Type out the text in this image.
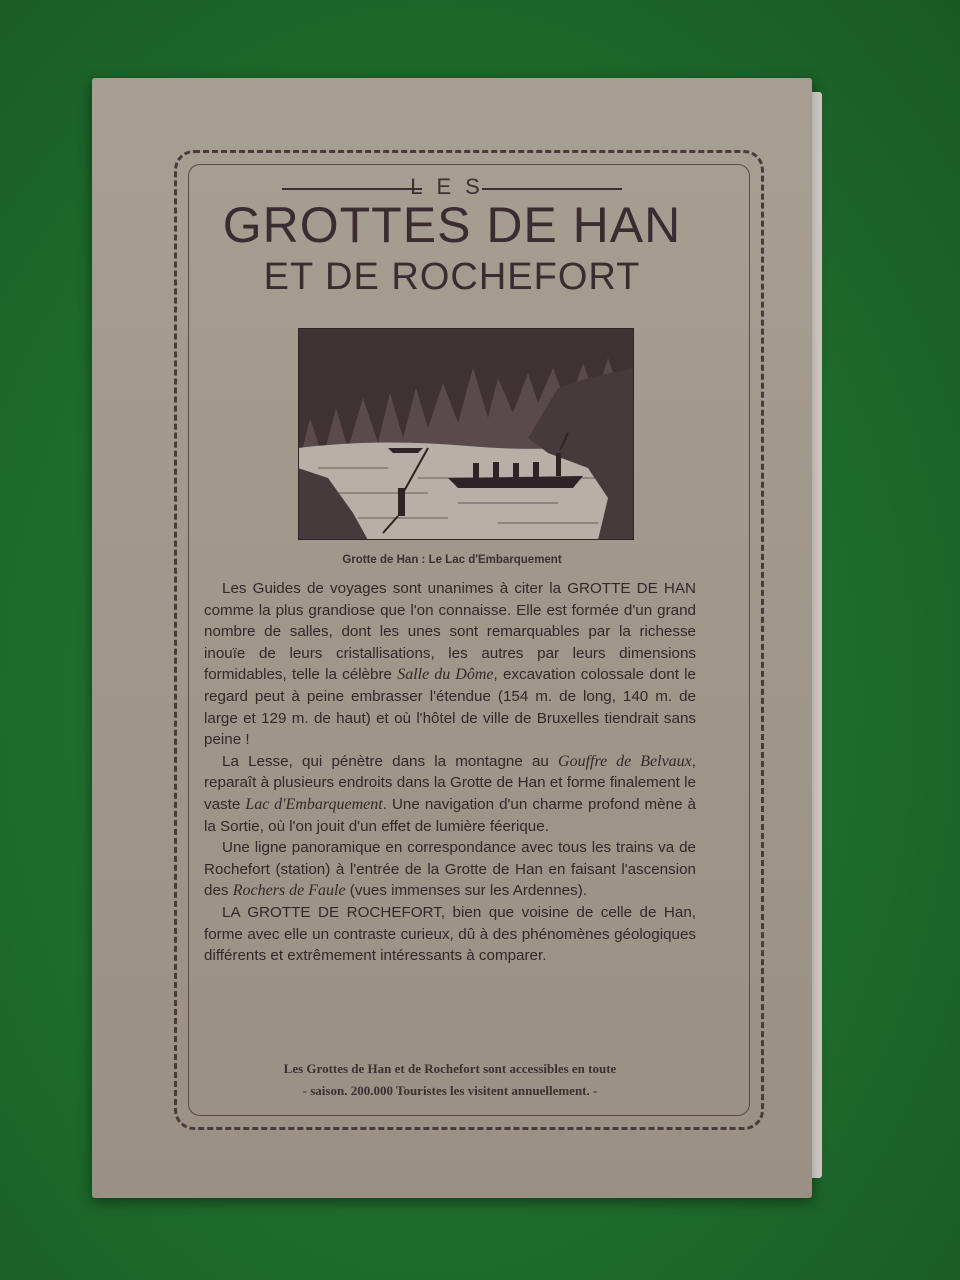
LES
GROTTES DE HAN
ET DE ROCHEFORT
Grotte de Han : Le Lac d'Embarquement

Les Guides de voyages sont unanimes à citer la GROTTE DE HAN comme la plus grandiose que l'on connaisse. Elle est formée d'un grand nombre de salles, dont les unes sont remarquables par la richesse inouïe de leurs cristallisations, les autres par leurs dimensions formidables, telle la célèbre Salle du Dôme, excavation colossale dont le regard peut à peine embrasser l'étendue (154 m. de long, 140 m. de large et 129 m. de haut) et où l'hôtel de ville de Bruxelles tiendrait sans peine !

La Lesse, qui pénètre dans la montagne au Gouffre de Belvaux, reparaît à plusieurs endroits dans la Grotte de Han et forme finalement le vaste Lac d'Embarquement. Une navigation d'un charme profond mène à la Sortie, où l'on jouit d'un effet de lumière féerique.

Une ligne panoramique en correspondance avec tous les trains va de Rochefort (station) à l'entrée de la Grotte de Han en faisant l'ascension des Rochers de Faule (vues immenses sur les Ardennes).

LA GROTTE DE ROCHEFORT, bien que voisine de celle de Han, forme avec elle un contraste curieux, dû à des phénomènes géologiques différents et extrêmement intéressants à comparer.

Les Grottes de Han et de Rochefort sont accessibles en toute
- saison. 200.000 Touristes les visitent annuellement. -
